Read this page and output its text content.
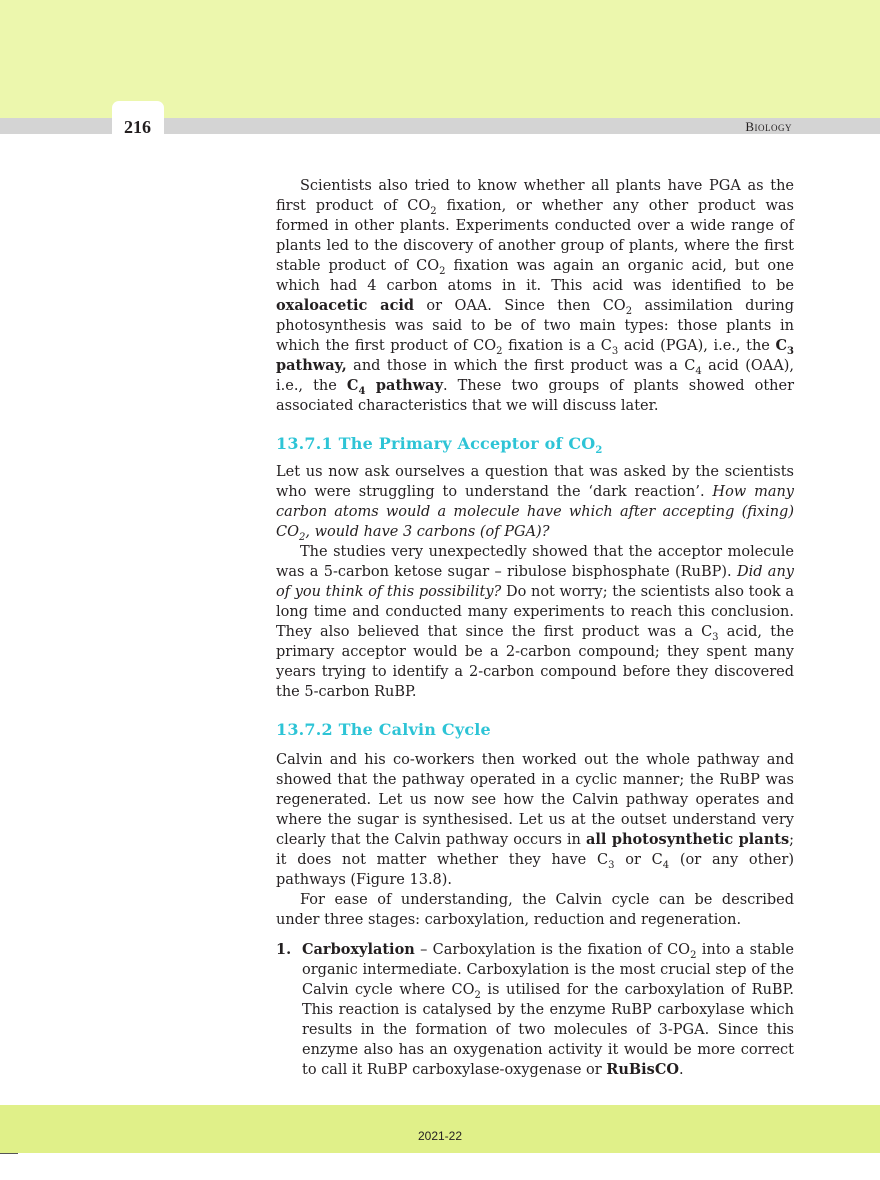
216	Biology

Scientists also tried to know whether all plants have PGA as the first product of $CO_2$ fixation, or whether any other product was formed in other plants. Experiments conducted over a wide range of plants led to the discovery of another group of plants, where the first stable product of $CO_2$ fixation was again an organic acid, but one which had 4 carbon atoms in it. This acid was identified to be oxaloacetic acid or OAA. Since then $CO_2$ assimilation during photosynthesis was said to be of two main types: those plants in which the first product of $CO_2$ fixation is a $C_3$ acid (PGA), i.e., the $C_3$ pathway, and those in which the first product was a $C_4$ acid (OAA), i.e., the $C_4$ pathway. These two groups of plants showed other associated characteristics that we will discuss later.

13.7.1 The Primary Acceptor of $CO_2$

Let us now ask ourselves a question that was asked by the scientists who were struggling to understand the ‘dark reaction’. How many carbon atoms would a molecule have which after accepting (fixing) $CO_2$, would have 3 carbons (of PGA)?

The studies very unexpectedly showed that the acceptor molecule was a 5-carbon ketose sugar – ribulose bisphosphate (RuBP). Did any of you think of this possibility? Do not worry; the scientists also took a long time and conducted many experiments to reach this conclusion. They also believed that since the first product was a $C_3$ acid, the primary acceptor would be a 2-carbon compound; they spent many years trying to identify a 2-carbon compound before they discovered the 5-carbon RuBP.

13.7.2 The Calvin Cycle

Calvin and his co-workers then worked out the whole pathway and showed that the pathway operated in a cyclic manner; the RuBP was regenerated. Let us now see how the Calvin pathway operates and where the sugar is synthesised. Let us at the outset understand very clearly that the Calvin pathway occurs in all photosynthetic plants; it does not matter whether they have $C_3$ or $C_4$ (or any other) pathways (Figure 13.8).

For ease of understanding, the Calvin cycle can be described under three stages: carboxylation, reduction and regeneration.

1. Carboxylation – Carboxylation is the fixation of $CO_2$ into a stable organic intermediate. Carboxylation is the most crucial step of the Calvin cycle where $CO_2$ is utilised for the carboxylation of RuBP. This reaction is catalysed by the enzyme RuBP carboxylase which results in the formation of two molecules of 3-PGA. Since this enzyme also has an oxygenation activity it would be more correct to call it RuBP carboxylase-oxygenase or RuBisCO.
2021-22
